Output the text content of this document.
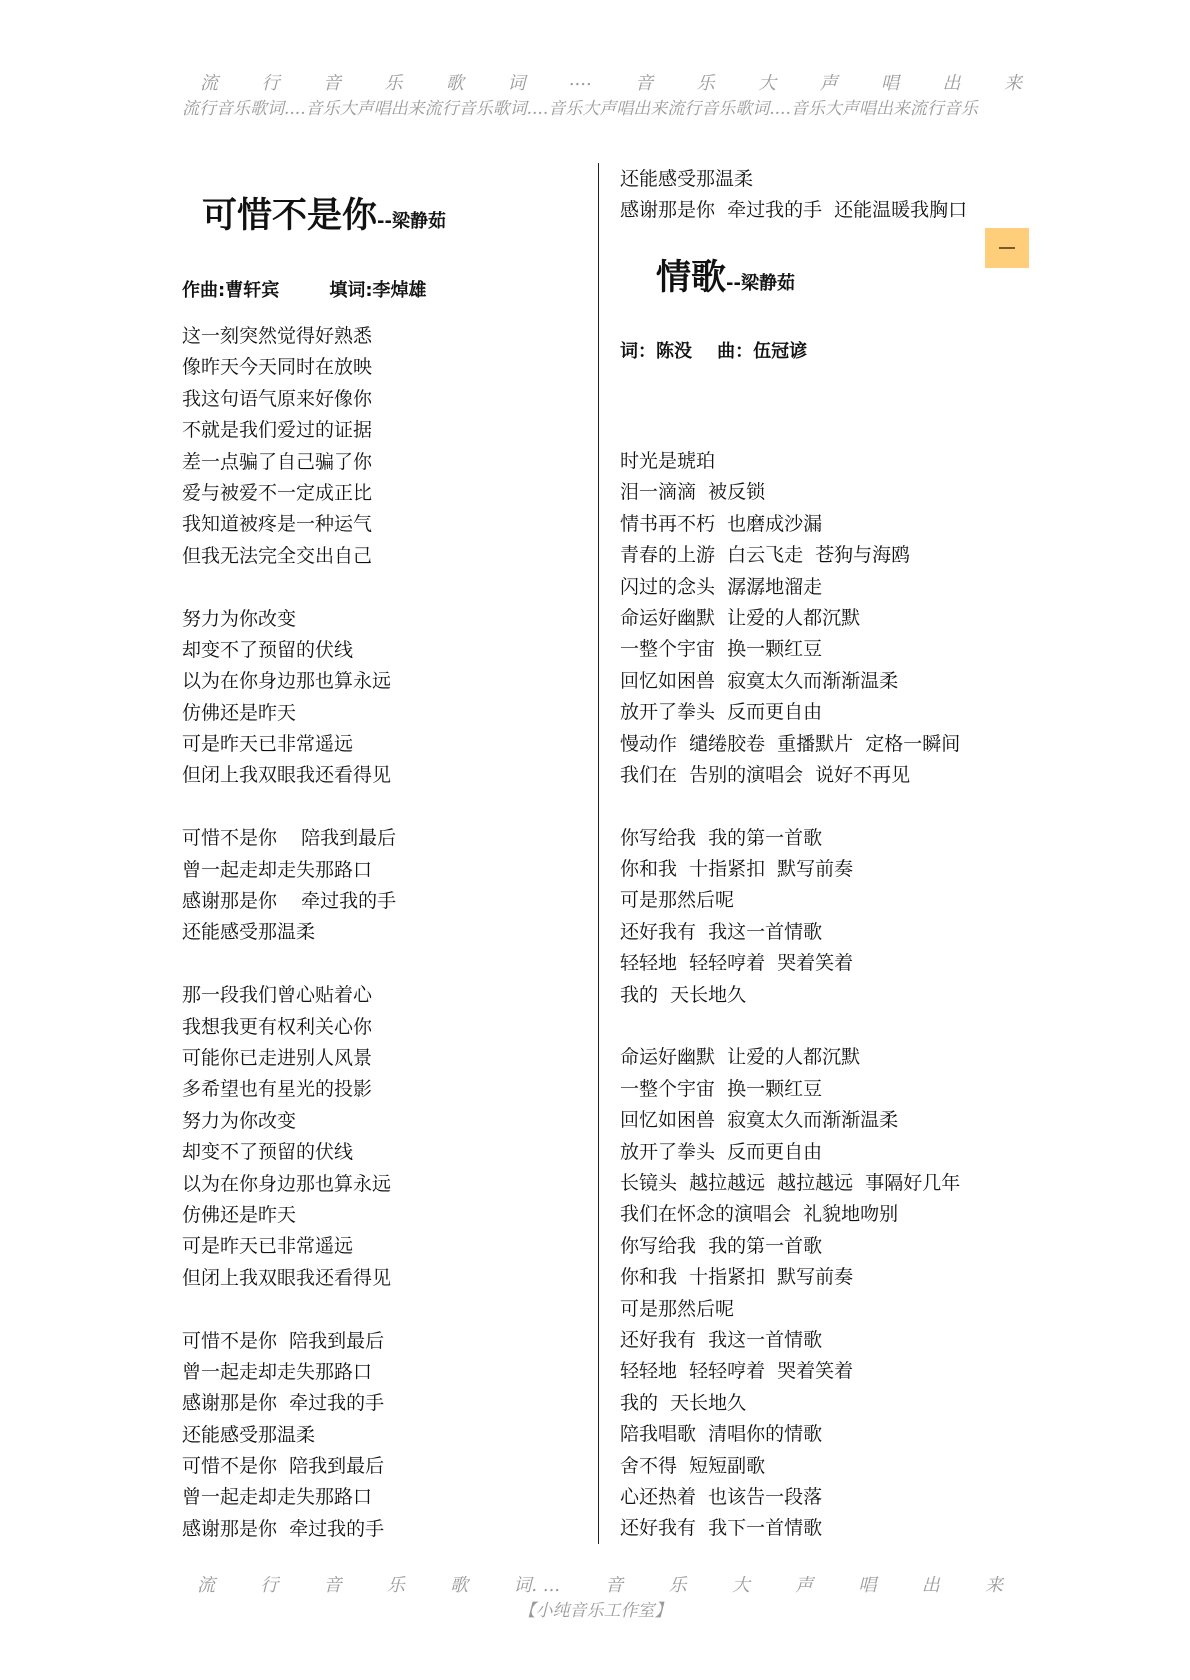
流 行 音 乐 歌 词 .... 音 乐 大 声 唱 出 来
流行音乐歌词....音乐大声唱出来流行音乐歌词....音乐大声唱出来流行音乐歌词....音乐大声唱出来流行音乐
可惜不是你--梁静茹
作曲:曹轩宾        填词:李焯雄
这一刻突然觉得好熟悉
像昨天今天同时在放映
我这句语气原来好像你
不就是我们爱过的证据
差一点骗了自己骗了你
爱与被爱不一定成正比
我知道被疼是一种运气
但我无法完全交出自己
努力为你改变
却变不了预留的伏线
以为在你身边那也算永远
仿佛还是昨天
可是昨天已非常遥远
但闭上我双眼我还看得见
可惜不是你    陪我到最后
曾一起走却走失那路口
感谢那是你    牵过我的手
还能感受那温柔
那一段我们曾心贴着心
我想我更有权利关心你
可能你已走进别人风景
多希望也有星光的投影
努力为你改变
却变不了预留的伏线
以为在你身边那也算永远
仿佛还是昨天
可是昨天已非常遥远
但闭上我双眼我还看得见
可惜不是你  陪我到最后
曾一起走却走失那路口
感谢那是你  牵过我的手
还能感受那温柔
可惜不是你  陪我到最后
曾一起走却走失那路口
感谢那是你  牵过我的手
还能感受那温柔
感谢那是你  牵过我的手  还能温暖我胸口
情歌--梁静茹
词：陈没    曲：伍冠谚
时光是琥珀
泪一滴滴  被反锁
情书再不朽  也磨成沙漏
青春的上游  白云飞走  苍狗与海鸥
闪过的念头  潺潺地溜走
命运好幽默  让爱的人都沉默
一整个宇宙  换一颗红豆
回忆如困兽  寂寞太久而渐渐温柔
放开了拳头  反而更自由
慢动作  缱绻胶卷  重播默片  定格一瞬间
我们在  告别的演唱会  说好不再见
你写给我  我的第一首歌
你和我  十指紧扣  默写前奏
可是那然后呢
还好我有  我这一首情歌
轻轻地  轻轻哼着  哭着笑着
我的  天长地久
命运好幽默  让爱的人都沉默
一整个宇宙  换一颗红豆
回忆如困兽  寂寞太久而渐渐温柔
放开了拳头  反而更自由
长镜头  越拉越远  越拉越远  事隔好几年
我们在怀念的演唱会  礼貌地吻别
你写给我  我的第一首歌
你和我  十指紧扣  默写前奏
可是那然后呢
还好我有  我这一首情歌
轻轻地  轻轻哼着  哭着笑着
我的  天长地久
陪我唱歌  清唱你的情歌
舍不得  短短副歌
心还热着  也该告一段落
还好我有  我下一首情歌
流	行	音	乐	歌	词. ...	音	乐	大	声	唱	出	来
【小纯音乐工作室】
